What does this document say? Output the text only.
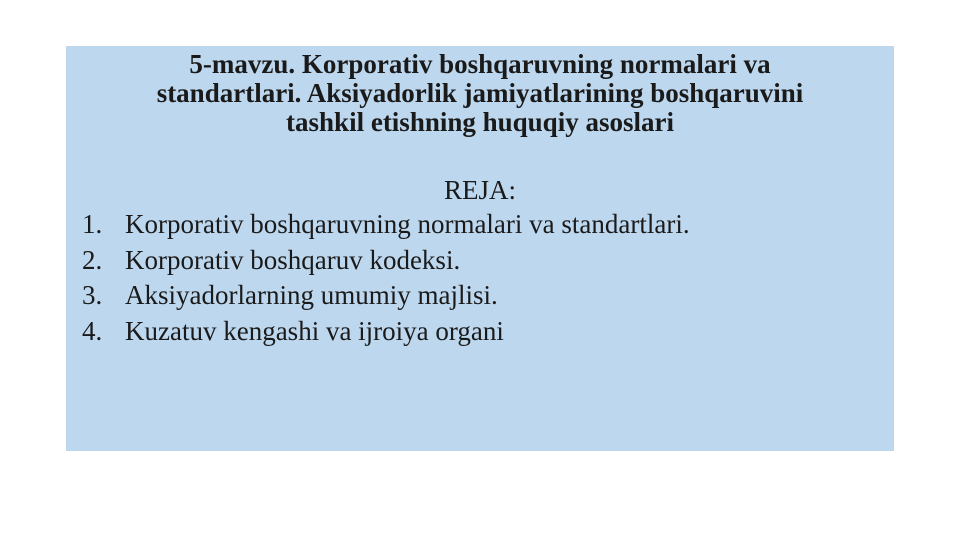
5-mavzu. Korporativ boshqaruvning normalari va
standartlari. Aksiyadorlik jamiyatlarining boshqaruvini
tashkil etishning huquqiy asoslari
REJA:
1. Korporativ boshqaruvning normalari va standartlari.
2. Korporativ boshqaruv kodeksi.
3. Aksiyadorlarning umumiy majlisi.
4. Kuzatuv kengashi va ijroiya organi
